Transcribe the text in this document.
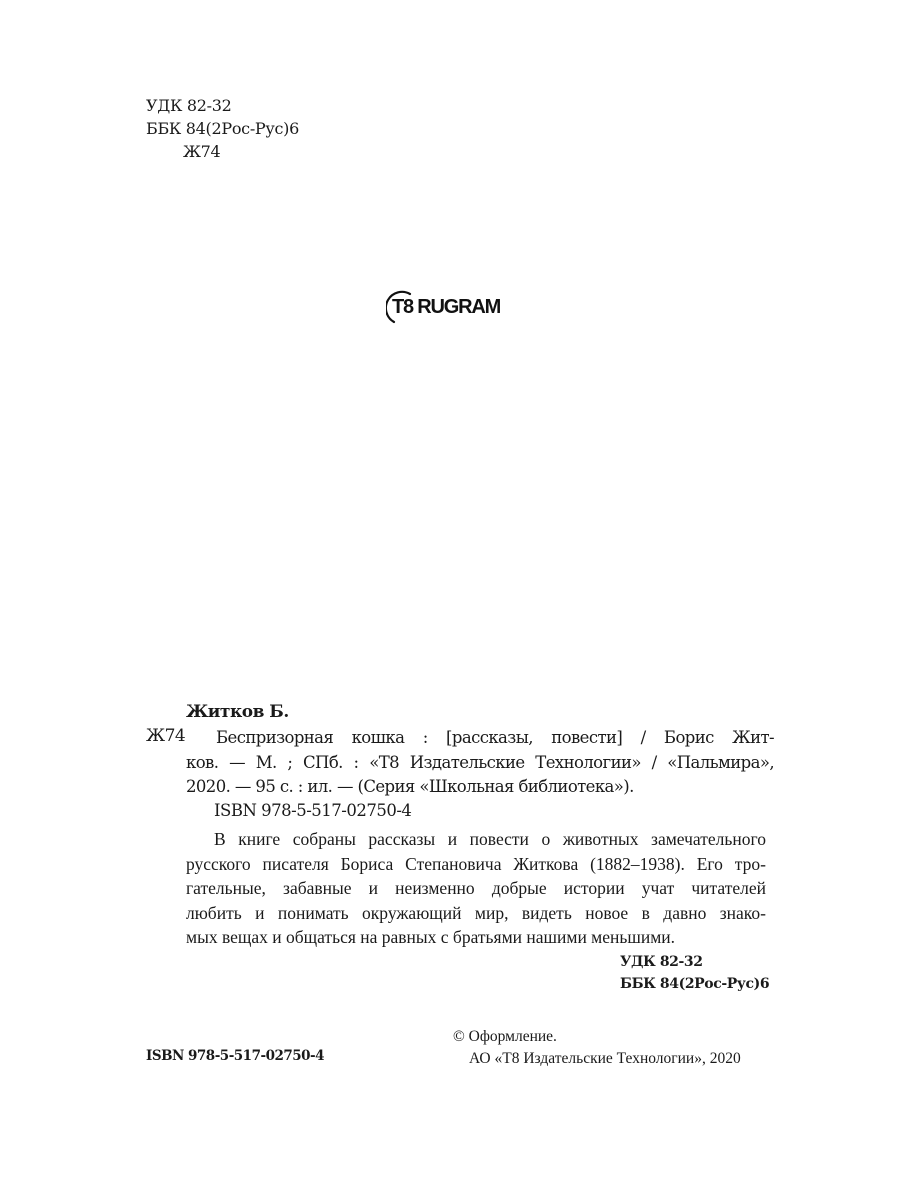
УДК 82-32
ББК 84(2Рос-Рус)6
Ж74
T8 RUGRAM
Житков Б.
Ж74	Беспризорная кошка : [рассказы, повести] / Борис Жит-
ков. — М. ; СПб. : «Т8 Издательские Технологии» / «Пальмира»,
2020. — 95 с. : ил. — (Серия «Школьная библиотека»).
ISBN 978-5-517-02750-4
В книге собраны рассказы и повести о животных замечательного
русского писателя Бориса Степановича Житкова (1882–1938). Его тро-
гательные, забавные и неизменно добрые истории учат читателей
любить и понимать окружающий мир, видеть новое в давно знако-
мых вещах и общаться на равных с братьями нашими меньшими.
УДК 82-32
ББК 84(2Рос-Рус)6
© Оформление.
АО «Т8 Издательские Технологии», 2020
ISBN 978-5-517-02750-4
